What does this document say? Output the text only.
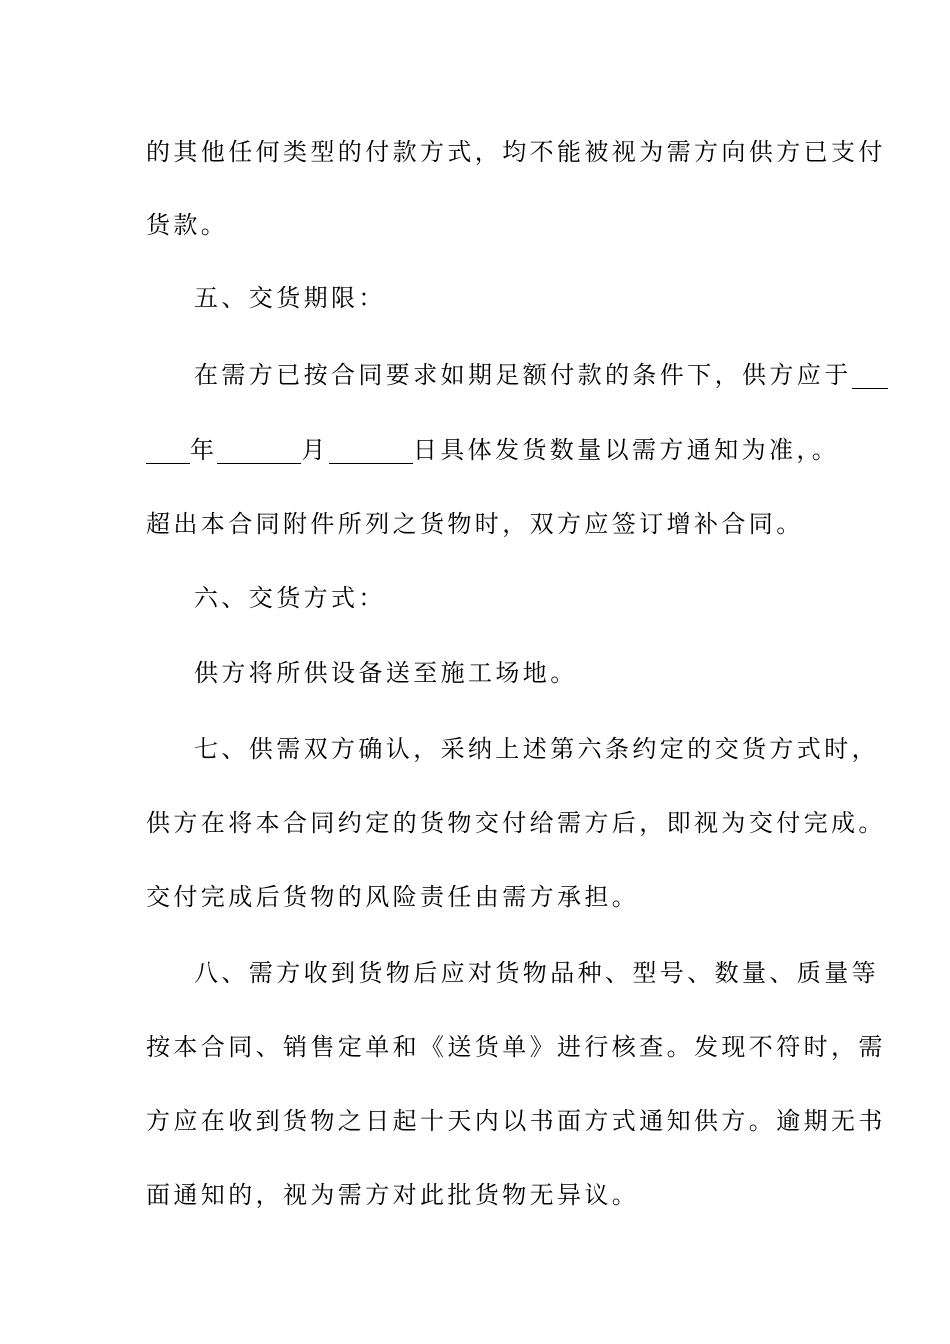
的其他任何类型的付款方式，均不能被视为需方向供方已支付
货款。
五、交货期限：
在需方已按合同要求如期足额付款的条件下，供方应于
年	月	日具体发货数量以需方通知为准，。
超出本合同附件所列之货物时，双方应签订增补合同。
六、交货方式：
供方将所供设备送至施工场地。
七、供需双方确认，采纳上述第六条约定的交货方式时，
供方在将本合同约定的货物交付给需方后，即视为交付完成。
交付完成后货物的风险责任由需方承担。
八、需方收到货物后应对货物品种、型号、数量、质量等
按本合同、销售定单和《送货单》进行核查。发现不符时，需
方应在收到货物之日起十天内以书面方式通知供方。逾期无书
面通知的，视为需方对此批货物无异议。
